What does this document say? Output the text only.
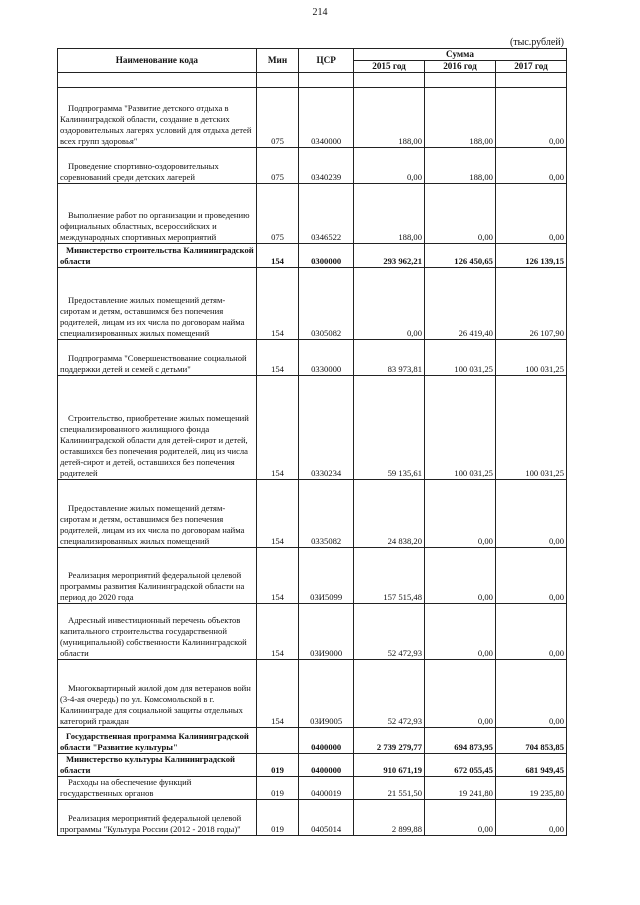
214
(тыс.рублей)
Наименование кода	Мин	ЦСР	Сумма		
			2015 год	2016 год	2017 год

Подпрограмма "Развитие детского отдыха в Калининградской области, создание в детских оздоровительных лагерях условий для отдыха детей всех групп здоровья"	075	0340000	188,00	188,00	0,00
Проведение спортивно-оздоровительных соревнований среди детских лагерей	075	0340239	0,00	188,00	0,00
Выполнение работ по организации и проведению официальных областных, всероссийских и международных спортивных мероприятий	075	0346522	188,00	0,00	0,00
Министерство строительства Калининградской области	154	0300000	293 962,21	126 450,65	126 139,15
Предоставление жилых помещений детям-сиротам и детям, оставшимся без попечения родителей, лицам из их числа по договорам найма специализированных жилых помещений	154	0305082	0,00	26 419,40	26 107,90
Подпрограмма "Совершенствование социальной поддержки детей и семей с детьми"	154	0330000	83 973,81	100 031,25	100 031,25
Строительство, приобретение жилых помещений специализированного жилищного фонда Калининградской области для детей-сирот и детей, оставшихся без попечения родителей, лиц из числа детей-сирот и детей, оставшихся без попечения родителей	154	0330234	59 135,61	100 031,25	100 031,25
Предоставление жилых помещений детям-сиротам и детям, оставшимся без попечения родителей, лицам из их числа по договорам найма специализированных жилых помещений	154	0335082	24 838,20	0,00	0,00
Реализация мероприятий федеральной целевой программы развития Калининградской области на период до 2020 года	154	03И5099	157 515,48	0,00	0,00
Адресный инвестиционный перечень объектов капитального строительства государственной (муниципальной) собственности Калининградской области	154	03И9000	52 472,93	0,00	0,00
Многоквартирный жилой дом для ветеранов войн (3-4-ая очередь) по ул. Комсомольской в г. Калининграде для социальной защиты отдельных категорий граждан	154	03И9005	52 472,93	0,00	0,00
Государственная программа Калининградской области "Развитие культуры"		0400000	2 739 279,77	694 873,95	704 853,85
Министерство культуры Калининградской области	019	0400000	910 671,19	672 055,45	681 949,45
Расходы на обеспечение функций государственных органов	019	0400019	21 551,50	19 241,80	19 235,80
Реализация мероприятий федеральной целевой программы "Культура России (2012 - 2018 годы)"	019	0405014	2 899,88	0,00	0,00
